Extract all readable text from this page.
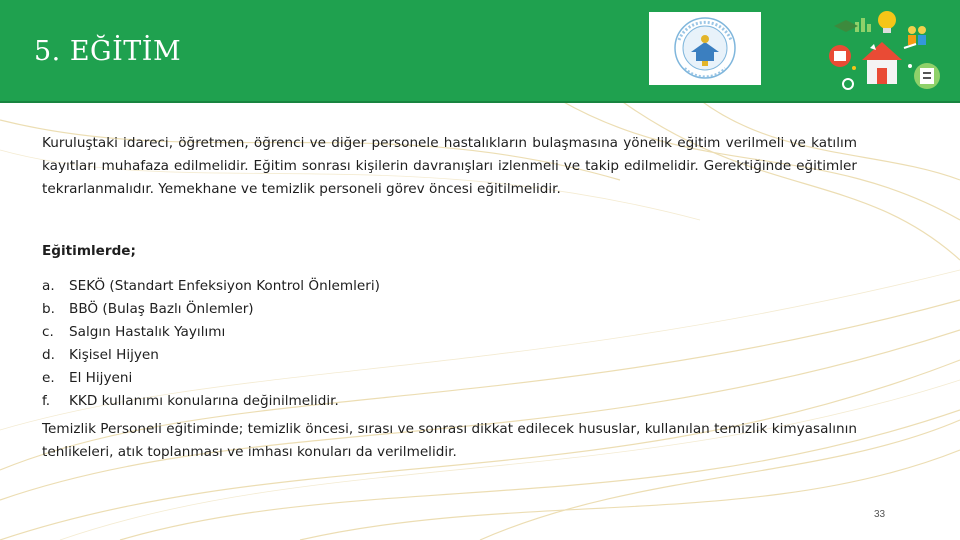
5. EĞİTİM

Kuruluştaki idareci, öğretmen, öğrenci ve diğer personele hastalıkların bulaşmasına yönelik eğitim verilmeli ve katılım kayıtları muhafaza edilmelidir. Eğitim sonrası kişilerin davranışları izlenmeli ve takip edilmelidir. Gerektiğinde eğitimler tekrarlanmalıdır. Yemekhane ve temizlik personeli görev öncesi eğitilmelidir.

Eğitimlerde;
a.	SEKÖ (Standart Enfeksiyon Kontrol Önlemleri)
b.	BBÖ (Bulaş Bazlı Önlemler)
c.	Salgın Hastalık Yayılımı
d.	Kişisel Hijyen
e.	El Hijyeni
f.	KKD kullanımı konularına değinilmelidir.

Temizlik Personeli eğitiminde; temizlik öncesi, sırası ve sonrası dikkat edilecek hususlar, kullanılan temizlik kimyasalının tehlikeleri, atık toplanması ve imhası konuları da verilmelidir.

33
